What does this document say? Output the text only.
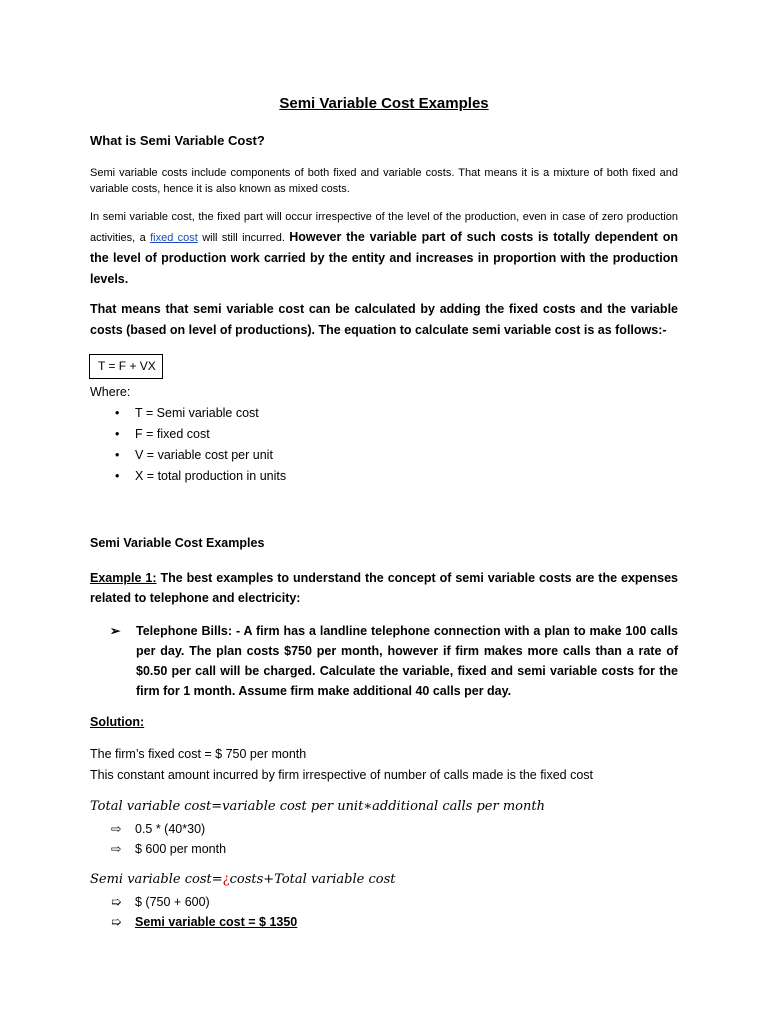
Semi Variable Cost Examples
What is Semi Variable Cost?
Semi variable costs include components of both fixed and variable costs. That means it is a mixture of both fixed and variable costs, hence it is also known as mixed costs.
In semi variable cost, the fixed part will occur irrespective of the level of the production, even in case of zero production activities, a fixed cost will still incurred. However the variable part of such costs is totally dependent on the level of production work carried by the entity and increases in proportion with the production levels.
That means that semi variable cost can be calculated by adding the fixed costs and the variable costs (based on level of productions). The equation to calculate semi variable cost is as follows:-
T = F + VX
Where:
• T = Semi variable cost
• F = fixed cost
• V = variable cost per unit
• X = total production in units
Semi Variable Cost Examples
Example 1: The best examples to understand the concept of semi variable costs are the expenses related to telephone and electricity:
➢ Telephone Bills: - A firm has a landline telephone connection with a plan to make 100 calls per day. The plan costs $750 per month, however if firm makes more calls than a rate of $0.50 per call will be charged. Calculate the variable, fixed and semi variable costs for the firm for 1 month. Assume firm make additional 40 calls per day.
Solution:
The firm’s fixed cost = $ 750 per month
This constant amount incurred by firm irrespective of number of calls made is the fixed cost
Total variable cost=variable cost per unit∗additional calls per month
⇨ 0.5 * (40*30)
⇨ $ 600 per month
Semi variable cost=¿costs+Total variable cost
➯ $ (750 + 600)
➯ Semi variable cost = $ 1350
